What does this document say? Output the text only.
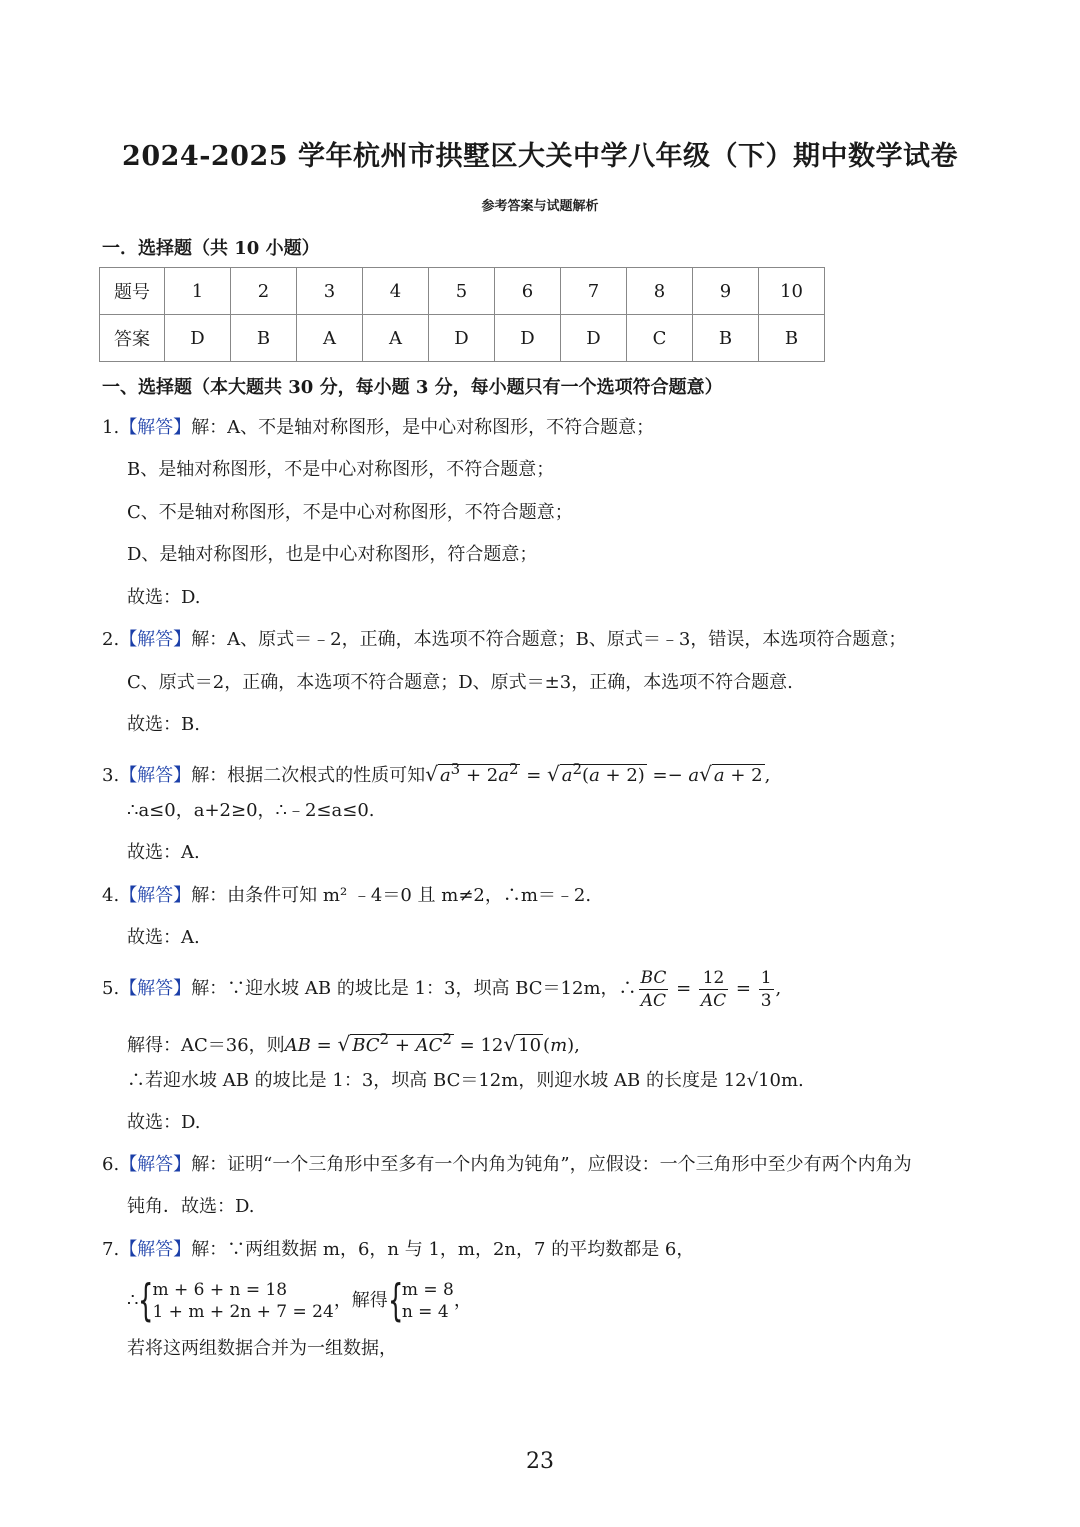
2024-2025 学年杭州市拱墅区大关中学八年级（下）期中数学试卷
参考答案与试题解析
一．选择题（共 10 小题）
题号	1	2	3	4	5	6	7	8	9	10
答案	D	B	A	A	D	D	D	C	B	B
一、选择题（本大题共 30 分，每小题 3 分，每小题只有一个选项符合题意）
1.【解答】解：A、不是轴对称图形，是中心对称图形，不符合题意；
B、是轴对称图形，不是中心对称图形，不符合题意；
C、不是轴对称图形，不是中心对称图形，不符合题意；
D、是轴对称图形，也是中心对称图形，符合题意；
故选：D.
2.【解答】解：A、原式＝﹣2，正确，本选项不符合题意；B、原式＝﹣3，错误，本选项符合题意；
C、原式＝2，正确，本选项不符合题意；D、原式＝±3，正确，本选项不符合题意.
故选：B.
3.【解答】解：根据二次根式的性质可知√ $a^3 + 2a^2$ = √ $a^2(a + 2) =- a√$ a + 2 ,
∴a≤0，a+2≥0，∴﹣2≤a≤0.
故选：A.
4.【解答】解：由条件可知 m² ﹣4＝0 且 m≠2，∴m＝﹣2.
故选：A.
5.【解答】解：∵迎水坡 AB 的坡比是 1：3，坝高 BC＝12m，∴ $\frac{BC}{AC} = \frac{12}{AC} = \frac{1}{3}$ ,
解得：AC＝36，则AB = √ $BC^2 + AC^2 = 12√$ 10 (m),
∴若迎水坡 AB 的坡比是 1：3，坝高 BC＝12m，则迎水坡 AB 的长度是 12√10m.
故选：D.
6.【解答】解：证明“一个三角形中至多有一个内角为钝角”，应假设：一个三角形中至少有两个内角为
钝角．故选：D.
7.【解答】解：∵两组数据 m，6，n 与 1，m，2n，7 的平均数都是 6，
∴ {
m + 6 + n = 18
1 + m + 2n + 7 = 24
，解得 {
m = 8
n = 4
，
若将这两组数据合并为一组数据，
23
